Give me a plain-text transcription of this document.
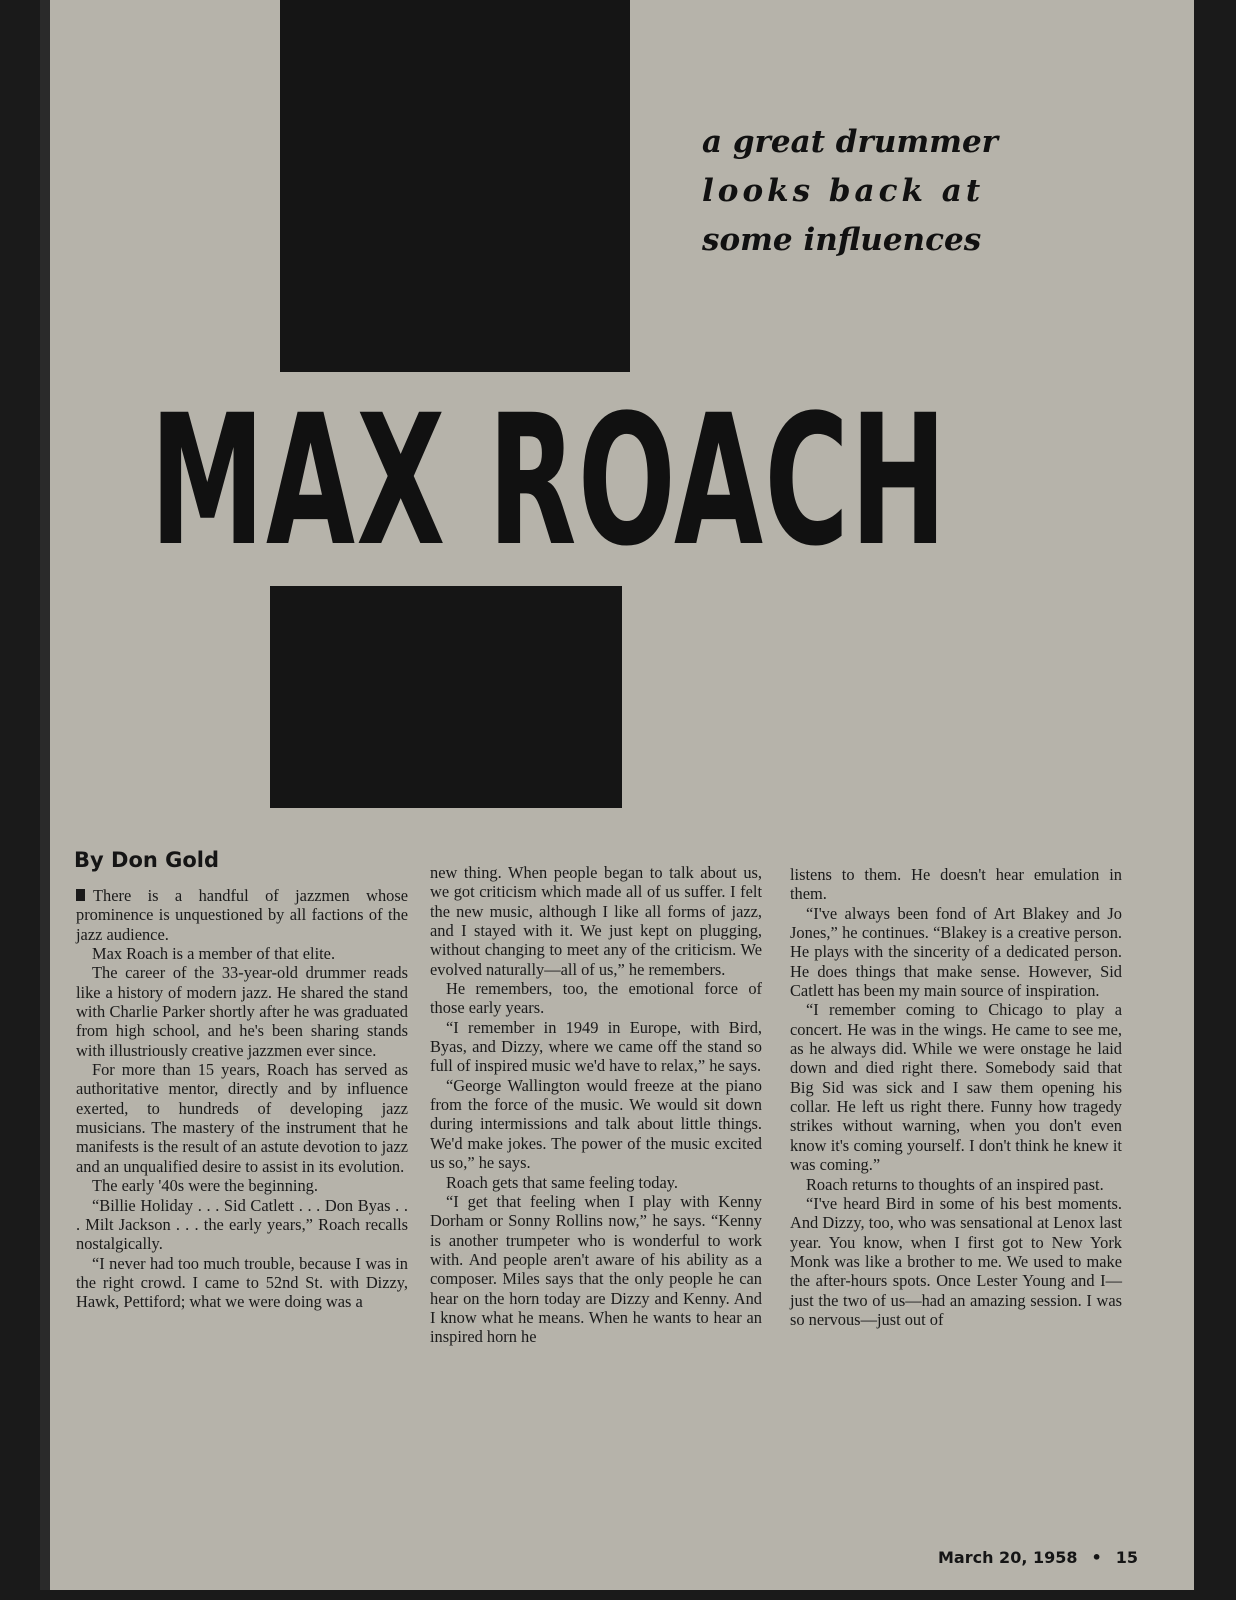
a great drummer
looks back at
some influences
MAX ROACH
By Don Gold

There is a handful of jazzmen whose prominence is unquestioned by all factions of the jazz audience.

Max Roach is a member of that elite.

The career of the 33-year-old drummer reads like a history of modern jazz. He shared the stand with Charlie Parker shortly after he was graduated from high school, and he's been sharing stands with illustriously creative jazzmen ever since.

For more than 15 years, Roach has served as authoritative mentor, directly and by influence exerted, to hundreds of developing jazz musicians. The mastery of the instrument that he manifests is the result of an astute devotion to jazz and an unqualified desire to assist in its evolution.

The early '40s were the beginning.

“Billie Holiday . . . Sid Catlett . . . Don Byas . . . Milt Jackson . . . the early years,” Roach recalls nostalgically.

“I never had too much trouble, because I was in the right crowd. I came to 52nd St. with Dizzy, Hawk, Pettiford; what we were doing was a

new thing. When people began to talk about us, we got criticism which made all of us suffer. I felt the new music, although I like all forms of jazz, and I stayed with it. We just kept on plugging, without changing to meet any of the criticism. We evolved naturally—all of us,” he remembers.

He remembers, too, the emotional force of those early years.

“I remember in 1949 in Europe, with Bird, Byas, and Dizzy, where we came off the stand so full of inspired music we'd have to relax,” he says.

“George Wallington would freeze at the piano from the force of the music. We would sit down during intermissions and talk about little things. We'd make jokes. The power of the music excited us so,” he says.

Roach gets that same feeling today.

“I get that feeling when I play with Kenny Dorham or Sonny Rollins now,” he says. “Kenny is another trumpeter who is wonderful to work with. And people aren't aware of his ability as a composer. Miles says that the only people he can hear on the horn today are Dizzy and Kenny. And I know what he means. When he wants to hear an inspired horn he

listens to them. He doesn't hear emulation in them.

“I've always been fond of Art Blakey and Jo Jones,” he continues. “Blakey is a creative person. He plays with the sincerity of a dedicated person. He does things that make sense. However, Sid Catlett has been my main source of inspiration.

“I remember coming to Chicago to play a concert. He was in the wings. He came to see me, as he always did. While we were onstage he laid down and died right there. Somebody said that Big Sid was sick and I saw them opening his collar. He left us right there. Funny how tragedy strikes without warning, when you don't even know it's coming yourself. I don't think he knew it was coming.”

Roach returns to thoughts of an inspired past.

“I've heard Bird in some of his best moments. And Dizzy, too, who was sensational at Lenox last year. You know, when I first got to New York Monk was like a brother to me. We used to make the after-hours spots. Once Lester Young and I—just the two of us—had an amazing session. I was so nervous—just out of

March 20, 1958 • 15
